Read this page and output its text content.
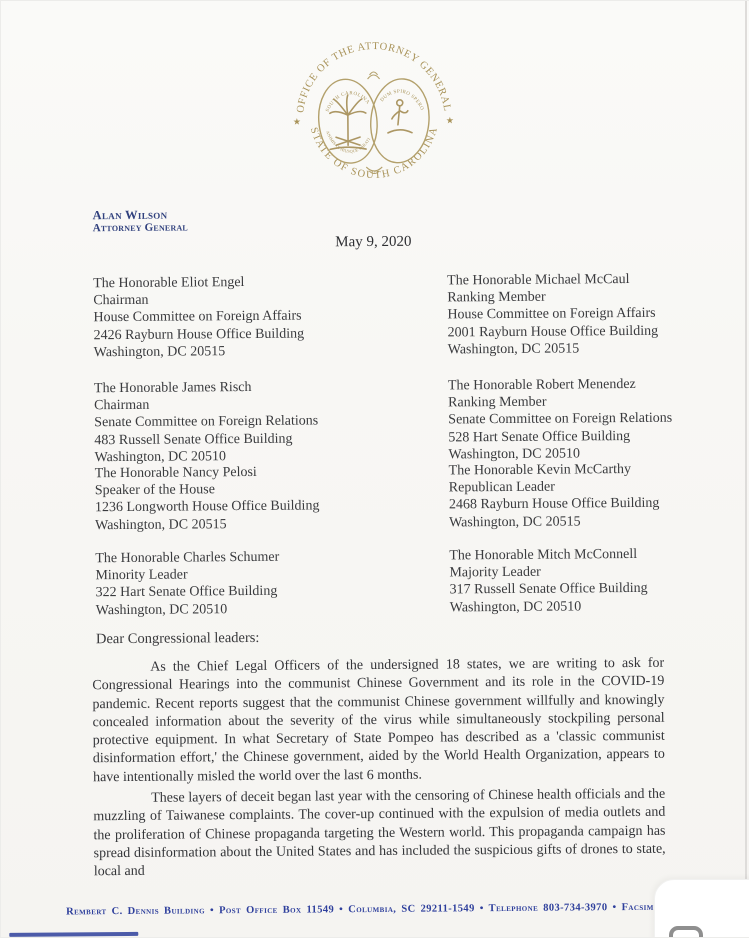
OFFICE OF THE ATTORNEY GENERAL
STATE OF SOUTH CAROLINA
★	★
SOUTH CAROLINA
ANIMIS OPIBUSQUE PARATI
DUM SPIRO SPERO
Alan Wilson
Attorney General
May 9, 2020
The Honorable Eliot Engel
Chairman
House Committee on Foreign Affairs
2426 Rayburn House Office Building
Washington, DC 20515
The Honorable Michael McCaul
Ranking Member
House Committee on Foreign Affairs
2001 Rayburn House Office Building
Washington, DC 20515
The Honorable James Risch
Chairman
Senate Committee on Foreign Relations
483 Russell Senate Office Building
Washington, DC 20510
The Honorable Robert Menendez
Ranking Member
Senate Committee on Foreign Relations
528 Hart Senate Office Building
Washington, DC 20510
The Honorable Nancy Pelosi
Speaker of the House
1236 Longworth House Office Building
Washington, DC 20515
The Honorable Kevin McCarthy
Republican Leader
2468 Rayburn House Office Building
Washington, DC 20515
The Honorable Charles Schumer
Minority Leader
322 Hart Senate Office Building
Washington, DC 20510
The Honorable Mitch McConnell
Majority Leader
317 Russell Senate Office Building
Washington, DC 20510
Dear Congressional leaders:
As the Chief Legal Officers of the undersigned 18 states, we are writing to ask for Congressional Hearings into the communist Chinese Government and its role in the COVID-19 pandemic. Recent reports suggest that the communist Chinese government willfully and knowingly concealed information about the severity of the virus while simultaneously stockpiling personal protective equipment. In what Secretary of State Pompeo has described as a 'classic communist disinformation effort,' the Chinese government, aided by the World Health Organization, appears to have intentionally misled the world over the last 6 months.
These layers of deceit began last year with the censoring of Chinese health officials and the muzzling of Taiwanese complaints. The cover-up continued with the expulsion of media outlets and the proliferation of Chinese propaganda targeting the Western world. This propaganda campaign has spread disinformation about the United States and has included the suspicious gifts of drones to state, local and
Rembert C. Dennis Building • Post Office Box 11549 • Columbia, SC 29211-1549 • Telephone 803-734-3970 • Facsim
